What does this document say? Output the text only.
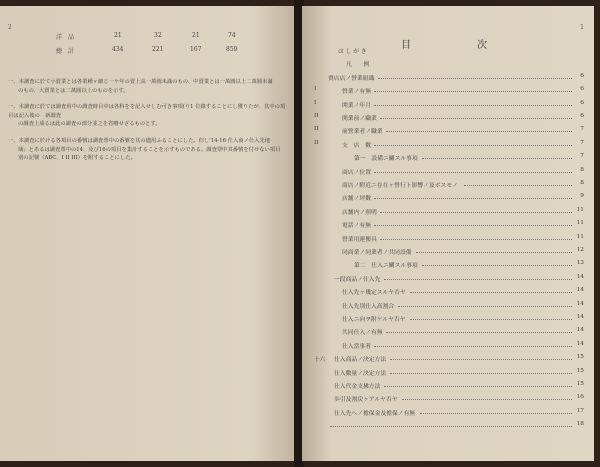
2
洋　品	21	32	21	74
總　計	434	221	167	859
一、本調査に於て小賣業とは各業種ヶ細じ一ケ年の賣上高一萬圓未滿のもの、中賣業とは一萬圓以上二萬圓未滿
のもの、大賣業とは二萬圓以上のものを示す。
一、本調査に於ては調査用中の調査時目中は各科をを記入せしむ可き事項(り1 位錄することにし獲りたが、其中の項目は記入後の　新調査
の調査上成るは此の調査の部分並之を省略せざるものとす。
一、本調査に於ける各項目の番號は調査票中の番號を其の儘用ふることにした。但し'14-16 仕入商ノ仕入先地
域」とあるは調査票中の14、及び16の項目を集計することを示すものである。調査票中其番號を付せない項目
別の記號（ABC、I II III）を附することにした。
1
目　次
は し が き
凡　　例
賣店店ノ營業組織	6
I	營業ノ有無	6
I	開業ノ年月	6
II	開業前ノ職業	6
II	前營業者ノ職業	7
II	支　店　數	7
第一　設備ニ關スル事項	7
商店ノ位置	8
商店ノ附近ニ存在ヶ營行ト影響ノ及ボスモノ	8
店舗ノ坪數	9
店舗内ノ照明	11
電話ノ有無	11
營業用運搬具	11
同商業ノ同業者ノ共同設備	12
第二　仕入ニ關スル事項	13
一段商品ノ仕入先	14
仕入先ヶ幾定スルヤ否ヤ	14
仕入先別仕入高割合	14
仕入ニ向ヲ附ケルヤ否ヤ	14
共同仕入ノ有無	14
仕入當事者	14
十六 仕入商品ノ決定方法	15
仕入數量ノ決定方法	15
仕入代金支拂方法	15
歩引及割戻ヶアルヤ否ヤ	16
仕入先ヘノ擔保金及擔保ノ有無	17
18
